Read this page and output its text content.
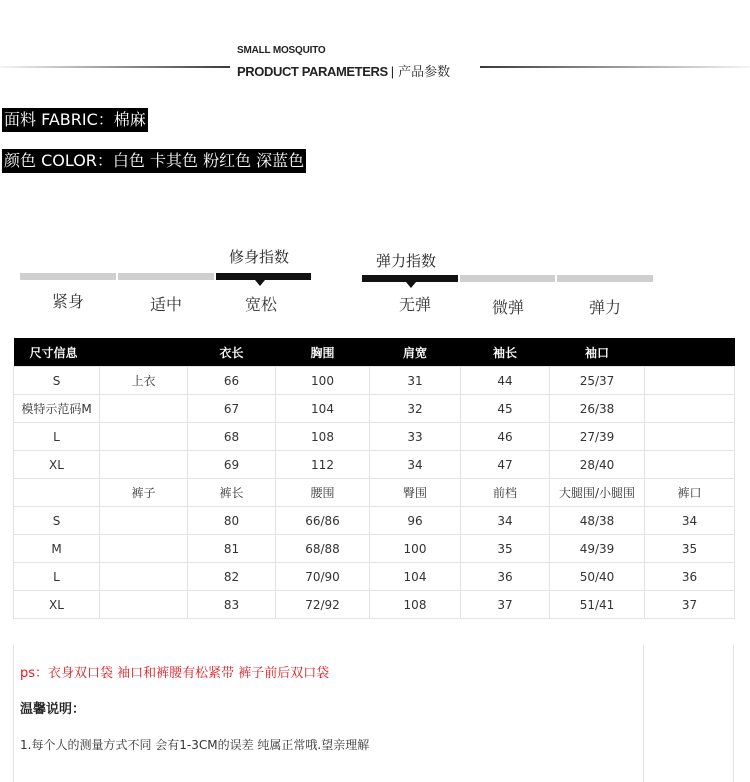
SMALL MOSQUITO
PRODUCT PARAMETERS | 产品参数
面料 FABRIC：棉麻
颜色 COLOR：白色 卡其色 粉红色 深蓝色
修身指数
紧身	适中	宽松
弹力指数
无弹	微弹	弹力
尺寸信息		衣长	胸围	肩宽	袖长	袖口	
S	上衣	66	100	31	44	25/37	
模特示范码M		67	104	32	45	26/38	
L		68	108	33	46	27/39	
XL		69	112	34	47	28/40	
	裤子	裤长	腰围	臀围	前档	大腿围/小腿围	裤口
S		80	66/86	96	34	48/38	34
M		81	68/88	100	35	49/39	35
L		82	70/90	104	36	50/40	36
XL		83	72/92	108	37	51/41	37
ps：衣身双口袋 袖口和裤腰有松紧带 裤子前后双口袋
温馨说明：
1.每个人的测量方式不同 会有1-3CM的误差 纯属正常哦.望亲理解
